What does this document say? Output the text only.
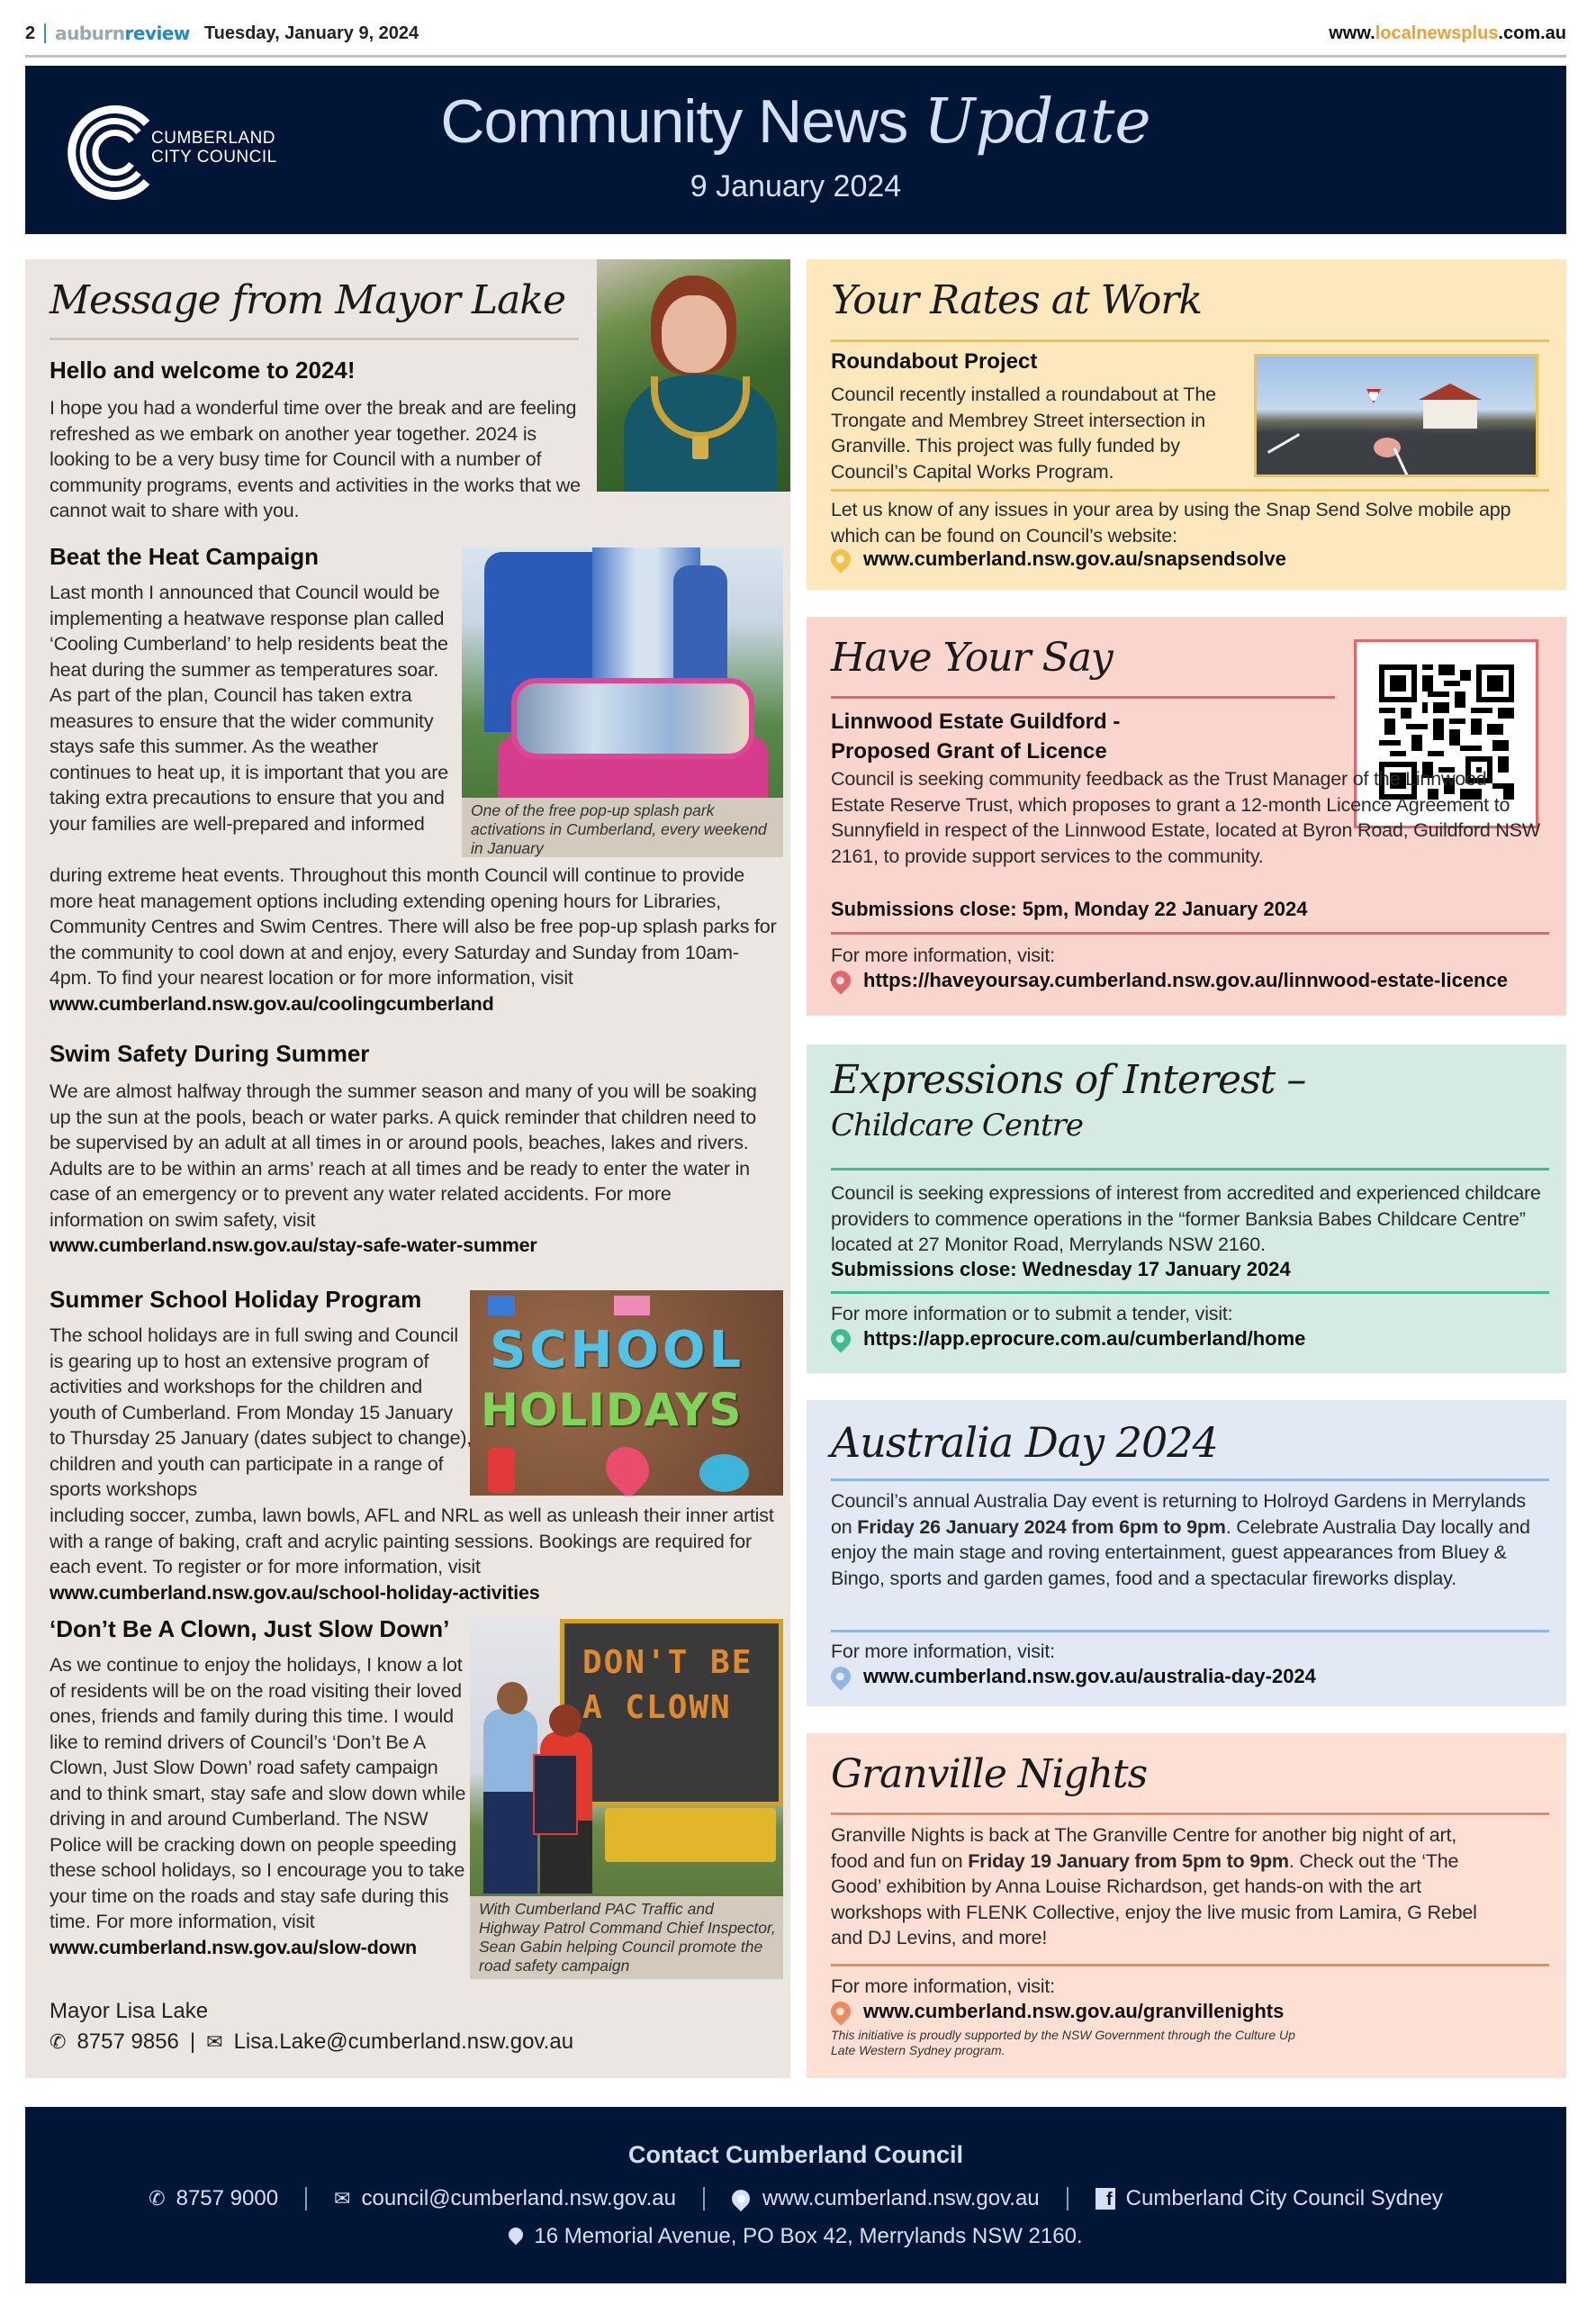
2 auburnreview Tuesday, January 9, 2024	www.localnewsplus.com.au
CUMBERLAND
CITY COUNCIL
Community News Update
9 January 2024
Message from Mayor Lake
Hello and welcome to 2024!
I hope you had a wonderful time over the break and are feeling refreshed as we embark on another year together. 2024 is looking to be a very busy time for Council with a number of community programs, events and activities in the works that we cannot wait to share with you.
Beat the Heat Campaign
One of the free pop-up splash park activations in Cumberland, every weekend in January
Last month I announced that Council would be implementing a heatwave response plan called ‘Cooling Cumberland’ to help residents beat the heat during the summer as temperatures soar. As part of the plan, Council has taken extra measures to ensure that the wider community stays safe this summer. As the weather continues to heat up, it is important that you are taking extra precautions to ensure that you and your families are well-prepared and informed
during extreme heat events. Throughout this month Council will continue to provide more heat management options including extending opening hours for Libraries, Community Centres and Swim Centres. There will also be free pop-up splash parks for the community to cool down at and enjoy, every Saturday and Sunday from 10am-4pm. To find your nearest location or for more information, visit www.cumberland.nsw.gov.au/coolingcumberland
Swim Safety During Summer
We are almost halfway through the summer season and many of you will be soaking up the sun at the pools, beach or water parks. A quick reminder that children need to be supervised by an adult at all times in or around pools, beaches, lakes and rivers. Adults are to be within an arms’ reach at all times and be ready to enter the water in case of an emergency or to prevent any water related accidents. For more information on swim safety, visit
www.cumberland.nsw.gov.au/stay-safe-water-summer
Summer School Holiday Program
SCHOOL
HOLIDAYS
The school holidays are in full swing and Council is gearing up to host an extensive program of activities and workshops for the children and youth of Cumberland. From Monday 15 January to Thursday 25 January (dates subject to change), children and youth can participate in a range of sports workshops
including soccer, zumba, lawn bowls, AFL and NRL as well as unleash their inner artist with a range of baking, craft and acrylic painting sessions. Bookings are required for each event. To register or for more information, visit www.cumberland.nsw.gov.au/school-holiday-activities
‘Don’t Be A Clown, Just Slow Down’
DON'T BE
A CLOWN
With Cumberland PAC Traffic and Highway Patrol Command Chief Inspector, Sean Gabin helping Council promote the road safety campaign
As we continue to enjoy the holidays, I know a lot of residents will be on the road visiting their loved ones, friends and family during this time. I would like to remind drivers of Council’s ‘Don’t Be A Clown, Just Slow Down’ road safety campaign and to think smart, stay safe and slow down while driving in and around Cumberland. The NSW Police will be cracking down on people speeding these school holidays, so I encourage you to take your time on the roads and stay safe during this time. For more information, visit
www.cumberland.nsw.gov.au/slow-down
Mayor Lisa Lake
✆ 8757 9856 | ✉ Lisa.Lake@cumberland.nsw.gov.au
Your Rates at Work
Roundabout Project
Council recently installed a roundabout at The Trongate and Membrey Street intersection in Granville. This project was fully funded by Council’s Capital Works Program.
Let us know of any issues in your area by using the Snap Send Solve mobile app which can be found on Council’s website:
www.cumberland.nsw.gov.au/snapsendsolve
Have Your Say
Linnwood Estate Guildford -
Proposed Grant of Licence
Council is seeking community feedback as the Trust Manager of the Linnwood Estate Reserve Trust, which proposes to grant a 12-month Licence Agreement to Sunnyfield in respect of the Linnwood Estate, located at Byron Road, Guildford NSW 2161, to provide support services to the community.
Submissions close: 5pm, Monday 22 January 2024
For more information, visit:
https://haveyoursay.cumberland.nsw.gov.au/linnwood-estate-licence
Expressions of Interest –
Childcare Centre
Council is seeking expressions of interest from accredited and experienced childcare providers to commence operations in the “former Banksia Babes Childcare Centre” located at 27 Monitor Road, Merrylands NSW 2160.
Submissions close: Wednesday 17 January 2024
For more information or to submit a tender, visit:
https://app.eprocure.com.au/cumberland/home
Australia Day 2024
Council’s annual Australia Day event is returning to Holroyd Gardens in Merrylands on Friday 26 January 2024 from 6pm to 9pm. Celebrate Australia Day locally and enjoy the main stage and roving entertainment, guest appearances from Bluey & Bingo, sports and garden games, food and a spectacular fireworks display.
For more information, visit:
www.cumberland.nsw.gov.au/australia-day-2024
Granville Nights
Granville Nights is back at The Granville Centre for another big night of art, food and fun on Friday 19 January from 5pm to 9pm. Check out the ‘The Good’ exhibition by Anna Louise Richardson, get hands-on with the art workshops with FLENK Collective, enjoy the live music from Lamira, G Rebel and DJ Levins, and more!
For more information, visit:
www.cumberland.nsw.gov.au/granvillenights
This initiative is proudly supported by the NSW Government through the Culture Up Late Western Sydney program.
Contact Cumberland Council
✆ 8757 9000	✉ council@cumberland.nsw.gov.au	www.cumberland.nsw.gov.au	f Cumberland City Council Sydney
16 Memorial Avenue, PO Box 42, Merrylands NSW 2160.
